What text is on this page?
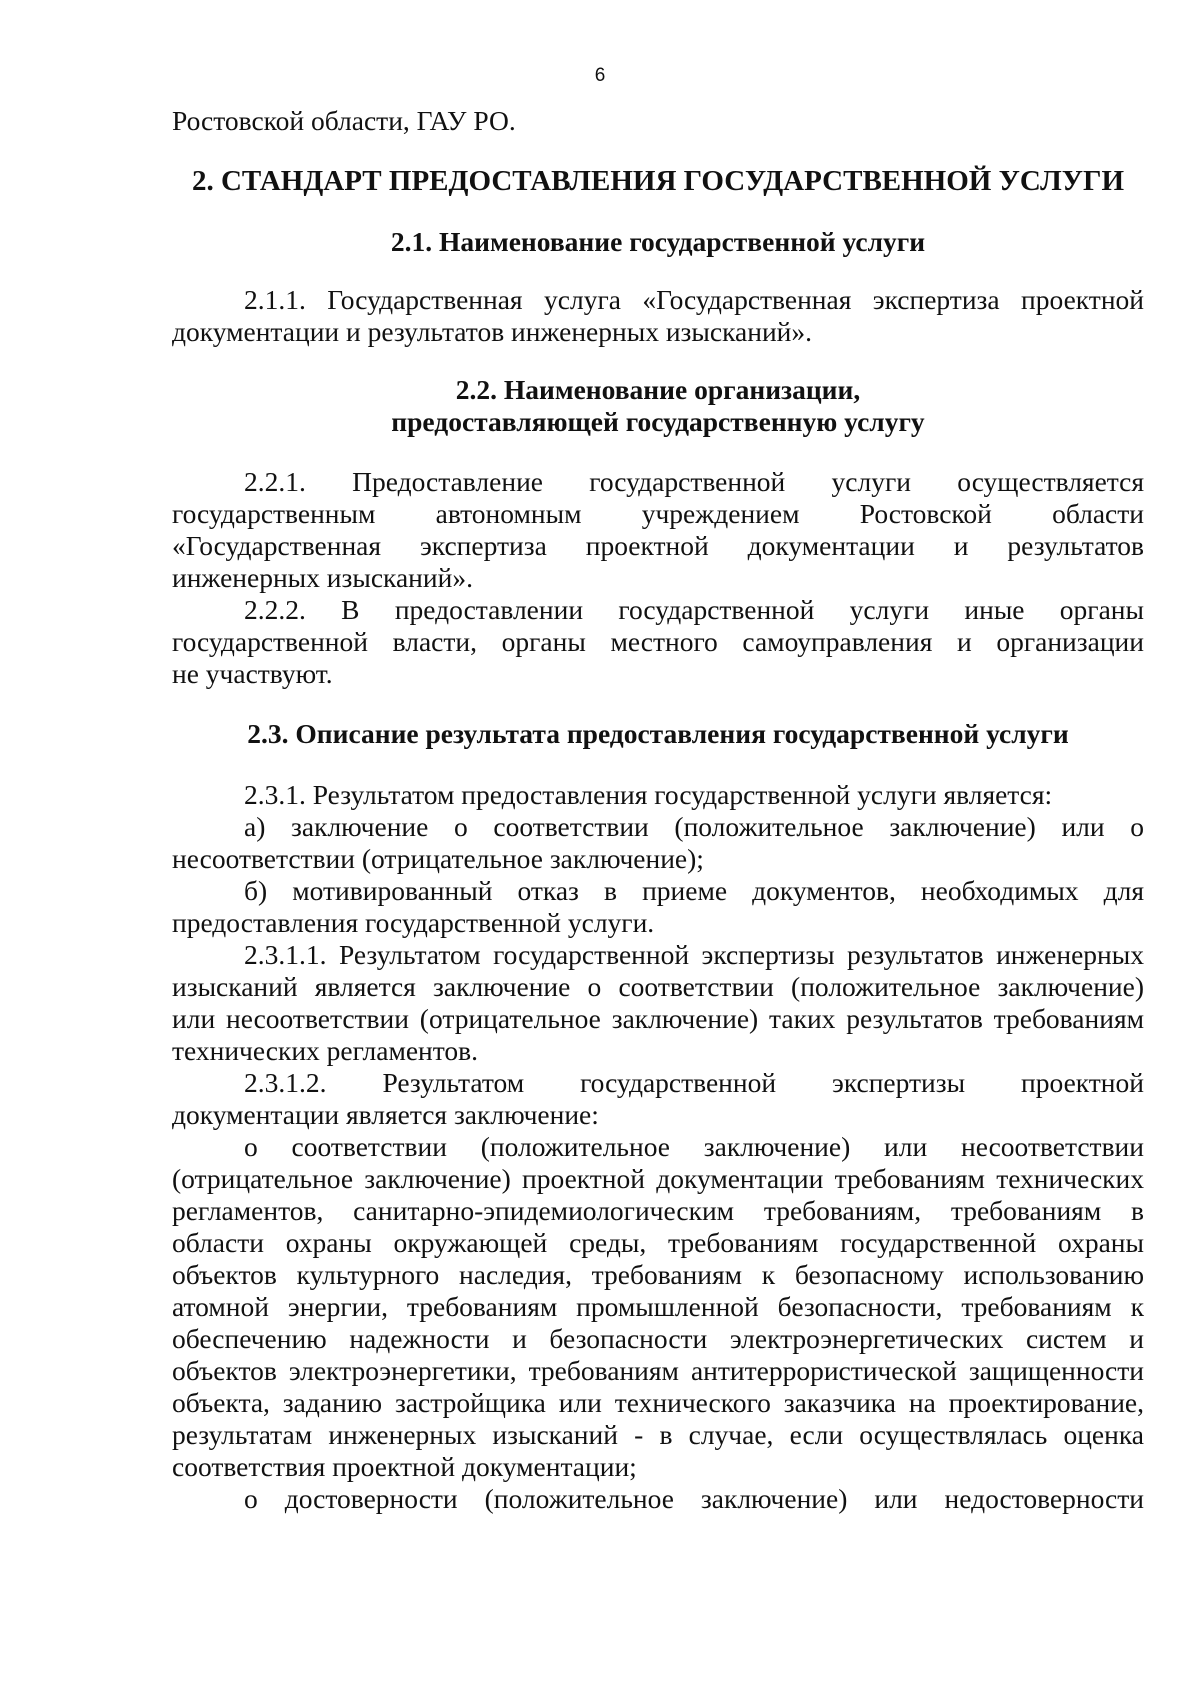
6

Ростовской области, ГАУ РО.

2. СТАНДАРТ ПРЕДОСТАВЛЕНИЯ ГОСУДАРСТВЕННОЙ УСЛУГИ

2.1. Наименование государственной услуги

2.1.1. Государственная услуга «Государственная экспертиза проектной

документации и результатов инженерных изысканий».

2.2. Наименование организации,

предоставляющей государственную услугу

2.2.1. Предоставление государственной услуги осуществляется

государственным автономным учреждением Ростовской области

«Государственная экспертиза проектной документации и результатов

инженерных изысканий».

2.2.2. В предоставлении государственной услуги иные органы

государственной власти, органы местного самоуправления и организации

не участвуют.

2.3. Описание результата предоставления государственной услуги

2.3.1. Результатом предоставления государственной услуги является:

а) заключение о соответствии (положительное заключение) или о

несоответствии (отрицательное заключение);

б) мотивированный отказ в приеме документов, необходимых для

предоставления государственной услуги.

2.3.1.1. Результатом государственной экспертизы результатов инженерных

изысканий является заключение о соответствии (положительное заключение)

или несоответствии (отрицательное заключение) таких результатов требованиям

технических регламентов.

2.3.1.2. Результатом государственной экспертизы проектной

документации является заключение:

о соответствии (положительное заключение) или несоответствии

(отрицательное заключение) проектной документации требованиям технических

регламентов, санитарно-эпидемиологическим требованиям, требованиям в

области охраны окружающей среды, требованиям государственной охраны

объектов культурного наследия, требованиям к безопасному использованию

атомной энергии, требованиям промышленной безопасности, требованиям к

обеспечению надежности и безопасности электроэнергетических систем и

объектов электроэнергетики, требованиям антитеррористической защищенности

объекта, заданию застройщика или технического заказчика на проектирование,

результатам инженерных изысканий - в случае, если осуществлялась оценка

соответствия проектной документации;

о достоверности (положительное заключение) или недостоверности
